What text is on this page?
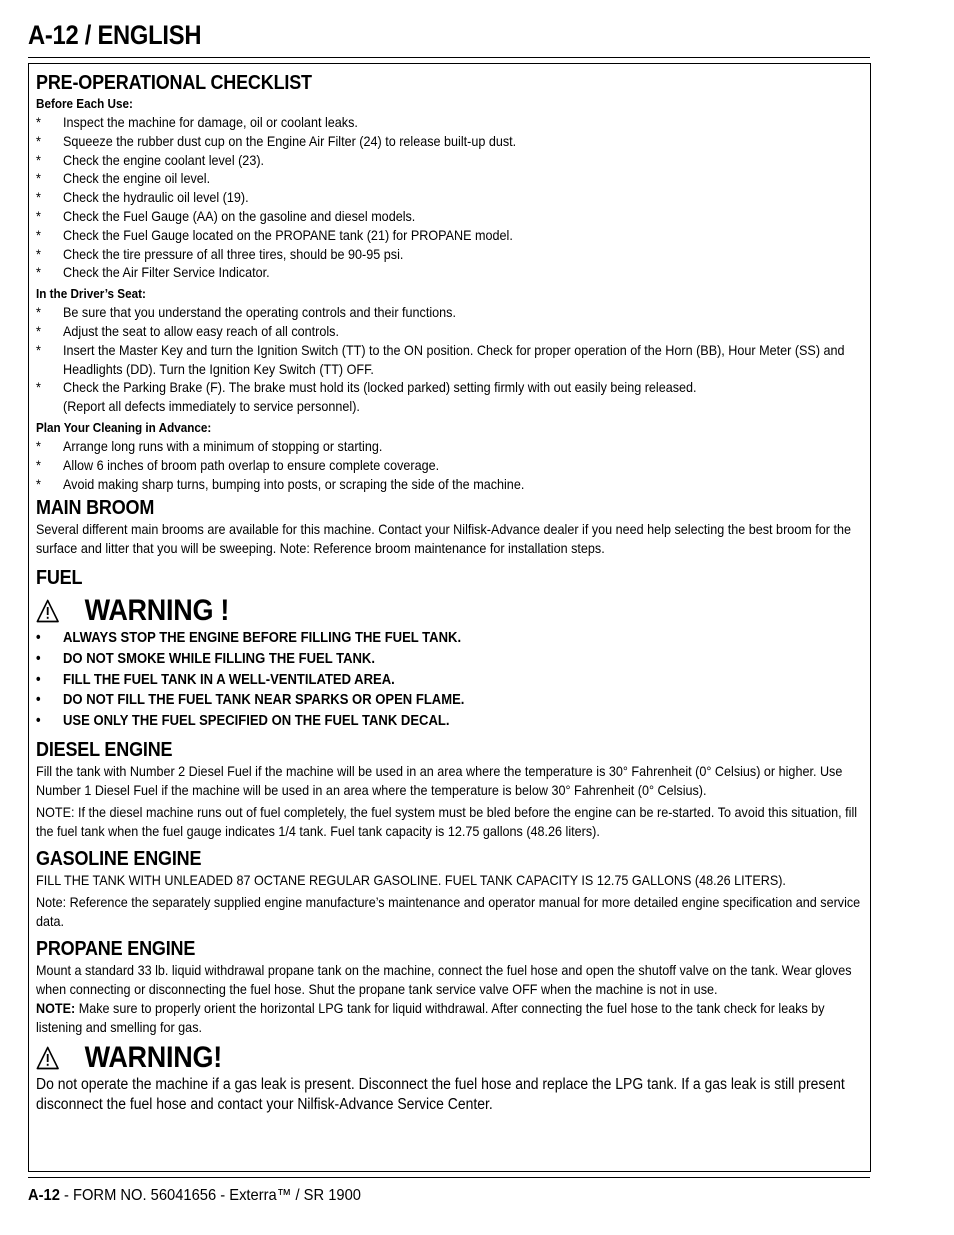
A-12 / ENGLISH
PRE-OPERATIONAL CHECKLIST
Before Each Use:
* Inspect the machine for damage, oil or coolant leaks.
* Squeeze the rubber dust cup on the Engine Air Filter (24) to release built-up dust.
* Check the engine coolant level (23).
* Check the engine oil level.
* Check the hydraulic oil level (19).
* Check the Fuel Gauge (AA) on the gasoline and diesel models.
* Check the Fuel Gauge located on the PROPANE tank (21) for PROPANE model.
* Check the tire pressure of all three tires, should be 90-95 psi.
* Check the Air Filter Service Indicator.
In the Driver’s Seat:
* Be sure that you understand the operating controls and their functions.
* Adjust the seat to allow easy reach of all controls.
* Insert the Master Key and turn the Ignition Switch (TT) to the ON position. Check for proper operation of the Horn (BB), Hour Meter (SS) and Headlights (DD). Turn the Ignition Key Switch (TT) OFF.
* Check the Parking Brake (F). The brake must hold its (locked parked) setting firmly with out easily being released.
(Report all defects immediately to service personnel).
Plan Your Cleaning in Advance:
* Arrange long runs with a minimum of stopping or starting.
* Allow 6 inches of broom path overlap to ensure complete coverage.
* Avoid making sharp turns, bumping into posts, or scraping the side of the machine.
MAIN BROOM

Several different main brooms are available for this machine. Contact your Nilfisk-Advance dealer if you need help selecting the best broom for the surface and litter that you will be sweeping. Note: Reference broom maintenance for installation steps.

FUEL
WARNING !
• ALWAYS STOP THE ENGINE BEFORE FILLING THE FUEL TANK.
• DO NOT SMOKE WHILE FILLING THE FUEL TANK.
• FILL THE FUEL TANK IN A WELL-VENTILATED AREA.
• DO NOT FILL THE FUEL TANK NEAR SPARKS OR OPEN FLAME.
• USE ONLY THE FUEL SPECIFIED ON THE FUEL TANK DECAL.
DIESEL ENGINE

Fill the tank with Number 2 Diesel Fuel if the machine will be used in an area where the temperature is 30° Fahrenheit (0° Celsius) or higher. Use Number 1 Diesel Fuel if the machine will be used in an area where the temperature is below 30° Fahrenheit (0° Celsius).

NOTE: If the diesel machine runs out of fuel completely, the fuel system must be bled before the engine can be re-started. To avoid this situation, fill the fuel tank when the fuel gauge indicates 1/4 tank. Fuel tank capacity is 12.75 gallons (48.26 liters).

GASOLINE ENGINE

FILL THE TANK WITH UNLEADED 87 OCTANE REGULAR GASOLINE. FUEL TANK CAPACITY IS 12.75 GALLONS (48.26 LITERS).

Note: Reference the separately supplied engine manufacture’s maintenance and operator manual for more detailed engine specification and service data.

PROPANE ENGINE

Mount a standard 33 lb. liquid withdrawal propane tank on the machine, connect the fuel hose and open the shutoff valve on the tank. Wear gloves when connecting or disconnecting the fuel hose. Shut the propane tank service valve OFF when the machine is not in use.

NOTE: Make sure to properly orient the horizontal LPG tank for liquid withdrawal. After connecting the fuel hose to the tank check for leaks by listening and smelling for gas.

WARNING!

Do not operate the machine if a gas leak is present. Disconnect the fuel hose and replace the LPG tank. If a gas leak is still present disconnect the fuel hose and contact your Nilfisk-Advance Service Center.

A-12 - FORM NO. 56041656 - Exterra™ / SR 1900
